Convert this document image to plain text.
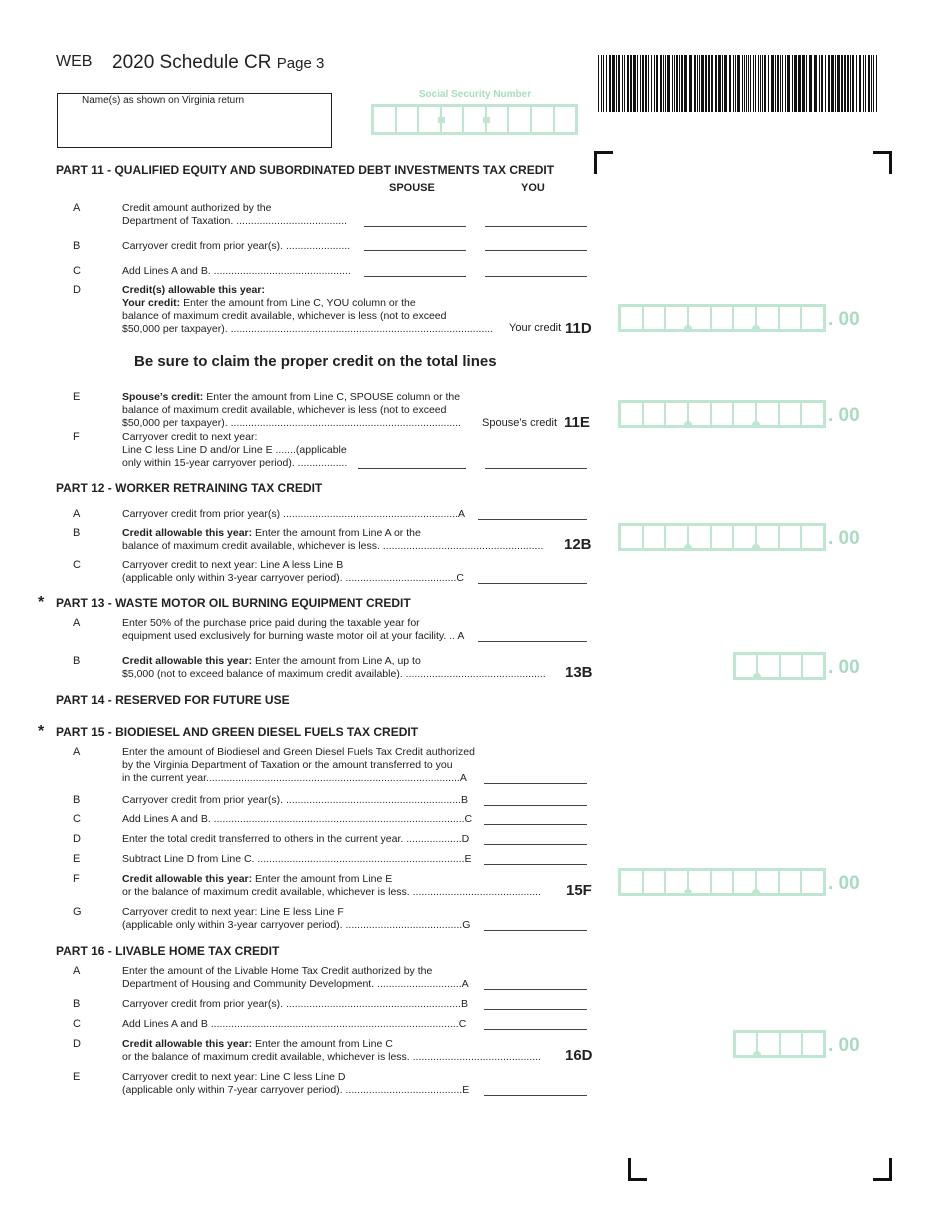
WEB 2020 Schedule CR Page 3
Name(s) as shown on Virginia return
Social Security Number
PART 11 - QUALIFIED EQUITY AND SUBORDINATED DEBT INVESTMENTS TAX CREDIT
SPOUSE	YOU
A	Credit amount authorized by the
Department of Taxation. ......................................
B	Carryover credit from prior year(s). ......................
C	Add Lines A and B. ...............................................
D	Credit(s) allowable this year:
Your credit: Enter the amount from Line C, YOU column or the
balance of maximum credit available, whichever is less (not to exceed
$50,000 per taxpayer). .......................................................................................... Your credit 11D	. 00
Be sure to claim the proper credit on the total lines
E	Spouse’s credit: Enter the amount from Line C, SPOUSE column or the
balance of maximum credit available, whichever is less (not to exceed
$50,000 per taxpayer). ............................................................................... Spouse’s credit 11E	. 00
F	Carryover credit to next year:
Line C less Line D and/or Line E .......(applicable
only within 15-year carryover period). .................
PART 12 - WORKER RETRAINING TAX CREDIT
A	Carryover credit from prior year(s) ............................................................A
B	Credit allowable this year: Enter the amount from Line A or the
balance of maximum credit available, whichever is less. ....................................................... 12B	. 00
C	Carryover credit to next year: Line A less Line B
(applicable only within 3-year carryover period). ......................................C
* PART 13 - WASTE MOTOR OIL BURNING EQUIPMENT CREDIT
A	Enter 50% of the purchase price paid during the taxable year for
equipment used exclusively for burning waste motor oil at your facility. .. A
B	Credit allowable this year: Enter the amount from Line A, up to
$5,000 (not to exceed balance of maximum credit available). ................................................ 13B	. 00
PART 14 - RESERVED FOR FUTURE USE
* PART 15 - BIODIESEL AND GREEN DIESEL FUELS TAX CREDIT
A	Enter the amount of Biodiesel and Green Diesel Fuels Tax Credit authorized
by the Virginia Department of Taxation or the amount transferred to you
in the current year.......................................................................................A
B	Carryover credit from prior year(s). ............................................................B
C	Add Lines A and B. ......................................................................................C
D	Enter the total credit transferred to others in the current year. ...................D
E	Subtract Line D from Line C. .......................................................................E
F	Credit allowable this year: Enter the amount from Line E
or the balance of maximum credit available, whichever is less. ............................................ 15F	. 00
G	Carryover credit to next year: Line E less Line F
(applicable only within 3-year carryover period). ........................................G
PART 16 - LIVABLE HOME TAX CREDIT
A	Enter the amount of the Livable Home Tax Credit authorized by the
Department of Housing and Community Development. .............................A
B	Carryover credit from prior year(s). ............................................................B
C	Add Lines A and B .....................................................................................C
D	Credit allowable this year: Enter the amount from Line C
or the balance of maximum credit available, whichever is less. ............................................ 16D	. 00
E	Carryover credit to next year: Line C less Line D
(applicable only within 7-year carryover period). ........................................E
